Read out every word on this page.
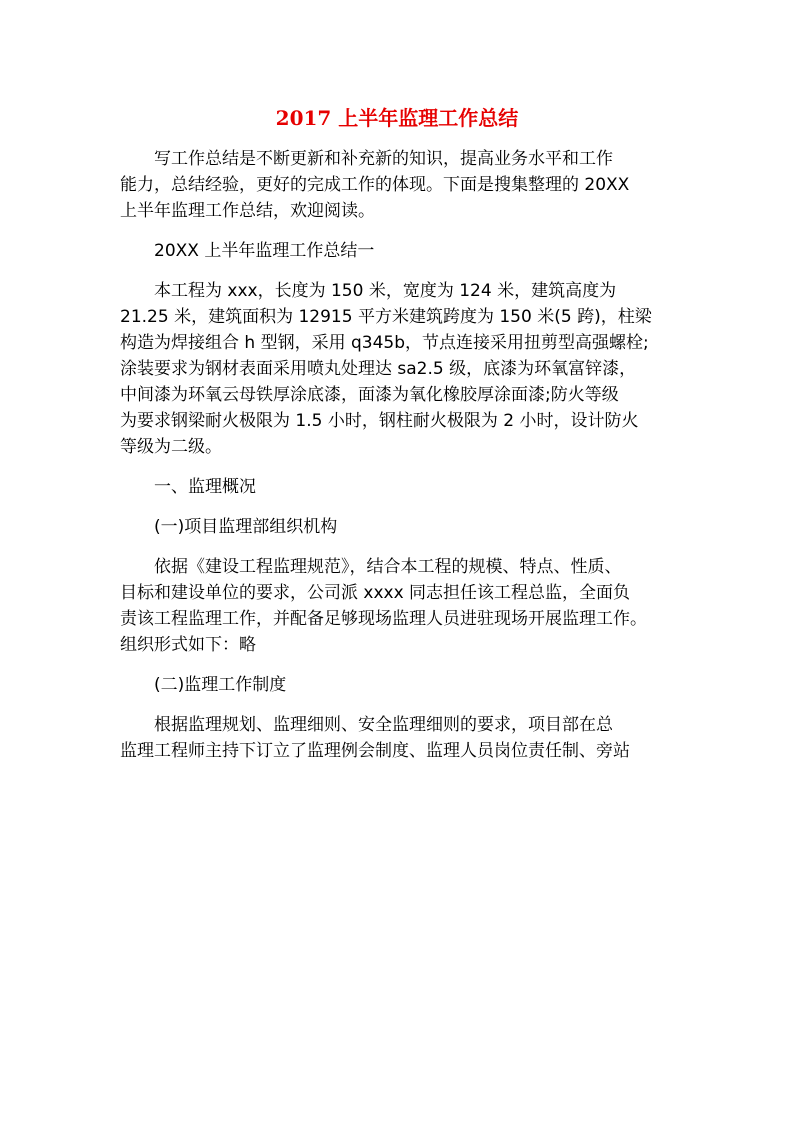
2017 上半年监理工作总结

写工作总结是不断更新和补充新的知识，提高业务水平和工作
能力，总结经验，更好的完成工作的体现。下面是搜集整理的 20XX
上半年监理工作总结，欢迎阅读。

20XX 上半年监理工作总结一

本工程为 xxx，长度为 150 米，宽度为 124 米，建筑高度为
21.25 米，建筑面积为 12915 平方米建筑跨度为 150 米(5 跨)，柱梁
构造为焊接组合 h 型钢，采用 q345b，节点连接采用扭剪型高强螺栓;
涂装要求为钢材表面采用喷丸处理达 sa2.5 级，底漆为环氧富锌漆，
中间漆为环氧云母铁厚涂底漆，面漆为氧化橡胶厚涂面漆;防火等级
为要求钢梁耐火极限为 1.5 小时，钢柱耐火极限为 2 小时，设计防火
等级为二级。

一、监理概况

(一)项目监理部组织机构

依据《建设工程监理规范》，结合本工程的规模、特点、性质、
目标和建设单位的要求，公司派 xxxx 同志担任该工程总监，全面负
责该工程监理工作，并配备足够现场监理人员进驻现场开展监理工作。
组织形式如下：略

(二)监理工作制度

根据监理规划、监理细则、安全监理细则的要求，项目部在总
监理工程师主持下订立了监理例会制度、监理人员岗位责任制、旁站
